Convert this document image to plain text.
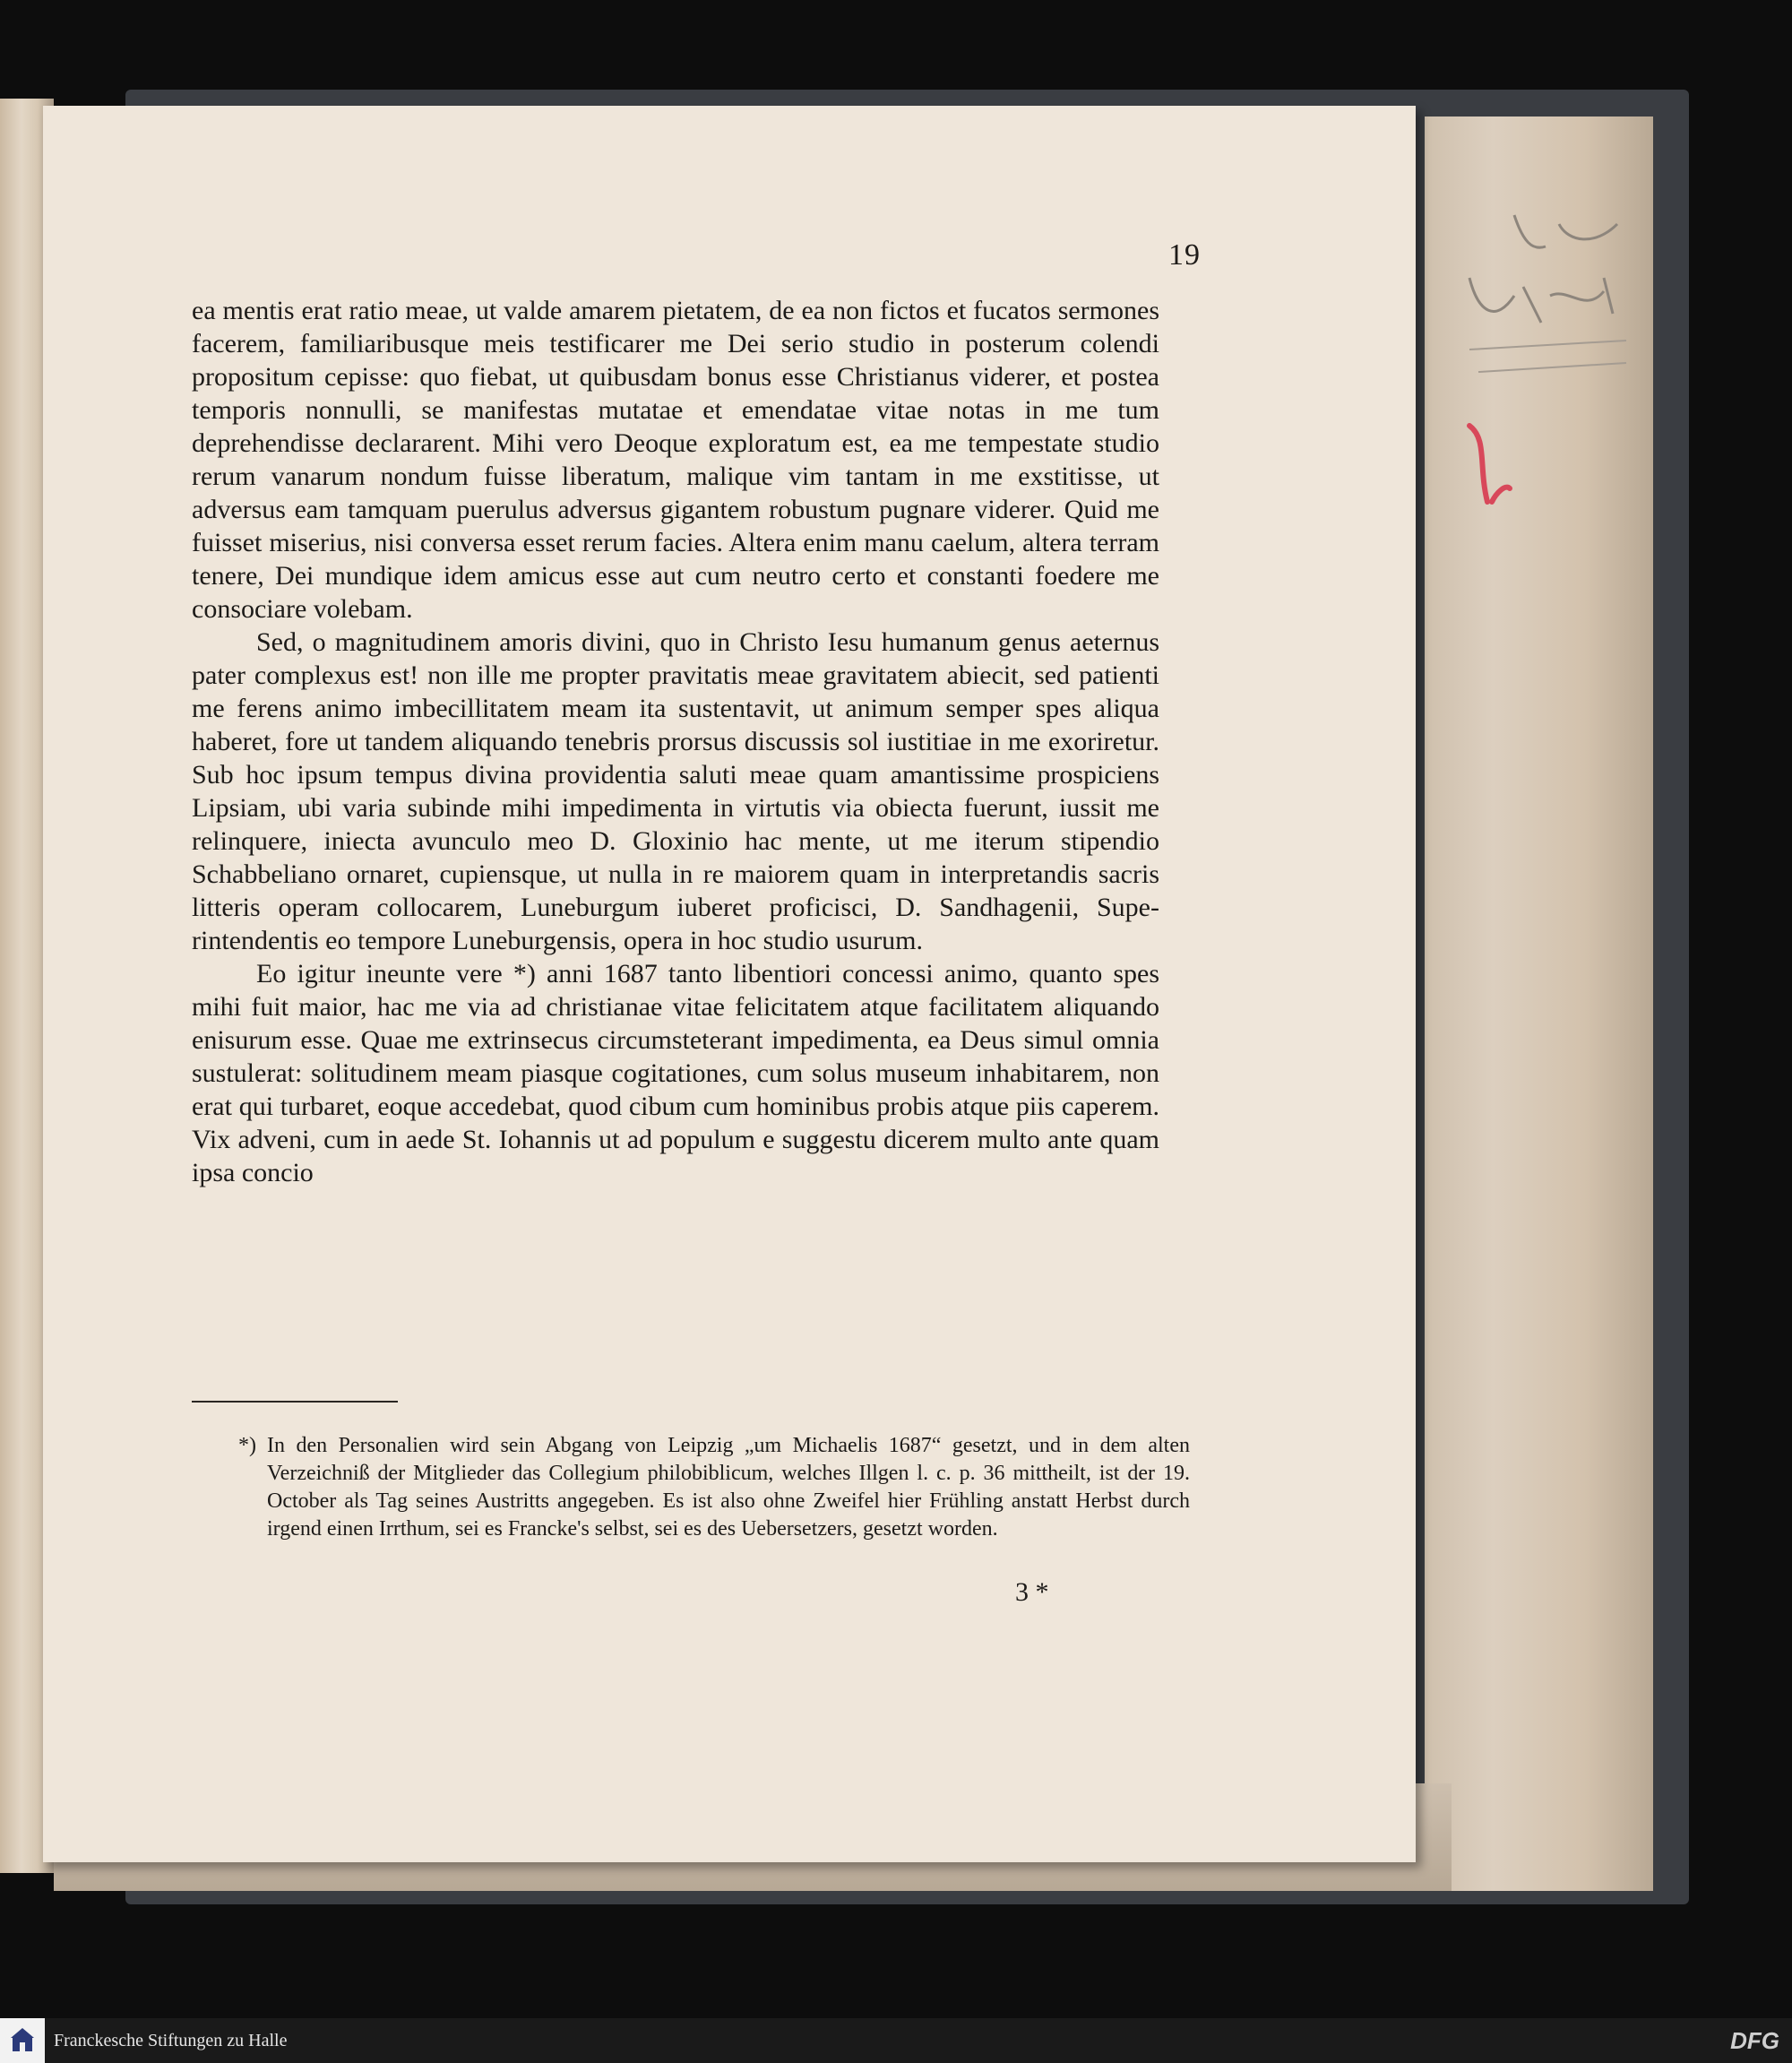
19

ea mentis erat ratio meae, ut valde amarem pietatem, de ea non fictos et fucatos sermones facerem, familiaribusque meis testificarer me Dei serio studio in posterum colendi propositum cepisse: quo fiebat, ut quibusdam bonus esse Christianus viderer, et postea temporis nonnulli, se manifestas mutatae et emendatae vitae notas in me tum deprehendisse declararent. Mihi vero Deoque exploratum est, ea me tempestate studio rerum vanarum nondum fuisse liberatum, malique vim tantam in me exstitisse, ut adversus eam tamquam puerulus adversus gigantem robustum pugnare viderer. Quid me fuisset miserius, nisi conversa esset rerum facies. Altera enim manu caelum, altera terram tenere, Dei mundique idem amicus esse aut cum neutro certo et constanti foedere me consociare volebam.

Sed, o magnitudinem amoris divini, quo in Christo Iesu humanum genus aeternus pater complexus est! non ille me propter pravitatis meae gravitatem abiecit, sed patienti me ferens animo imbecillitatem meam ita sustentavit, ut animum semper spes aliqua haberet, fore ut tandem aliquando tenebris prorsus discussis sol iustitiae in me exoriretur. Sub hoc ipsum tempus divina providentia saluti meae quam amantissime prospiciens Lipsiam, ubi varia subinde mihi impedimenta in virtutis via obiecta fuerunt, iussit me relinquere, iniecta avunculo meo D. Gloxinio hac mente, ut me iterum stipendio Schabbeliano ornaret, cupiensque, ut nulla in re maiorem quam in interpretandis sacris litteris operam collocarem, Luneburgum iuberet proficisci, D. Sandhagenii, Superintendentis eo tempore Luneburgensis, opera in hoc studio usurum.

Eo igitur ineunte vere *) anni 1687 tanto libentiori concessi animo, quanto spes mihi fuit maior, hac me via ad christianae vitae felicitatem atque facilitatem aliquando enisurum esse. Quae me extrinsecus circumsteterant impedimenta, ea Deus simul omnia sustulerat: solitudinem meam piasque cogitationes, cum solus museum inhabitarem, non erat qui turbaret, eoque accedebat, quod cibum cum hominibus probis atque piis caperem. Vix adveni, cum in aede St. Iohannis ut ad populum e suggestu dicerem multo ante quam ipsa concio

*) In den Personalien wird sein Abgang von Leipzig „um Michaelis 1687“ gesetzt, und in dem alten Verzeichniß der Mitglieder das Collegium philobiblicum, welches Illgen l. c. p. 36 mittheilt, ist der 19. October als Tag seines Austritts angegeben. Es ist also ohne Zweifel hier Frühling anstatt Herbst durch irgend einen Irrthum, sei es Francke's selbst, sei es des Uebersetzers, gesetzt worden.
3 *
Franckesche Stiftungen zu Halle	DFG
